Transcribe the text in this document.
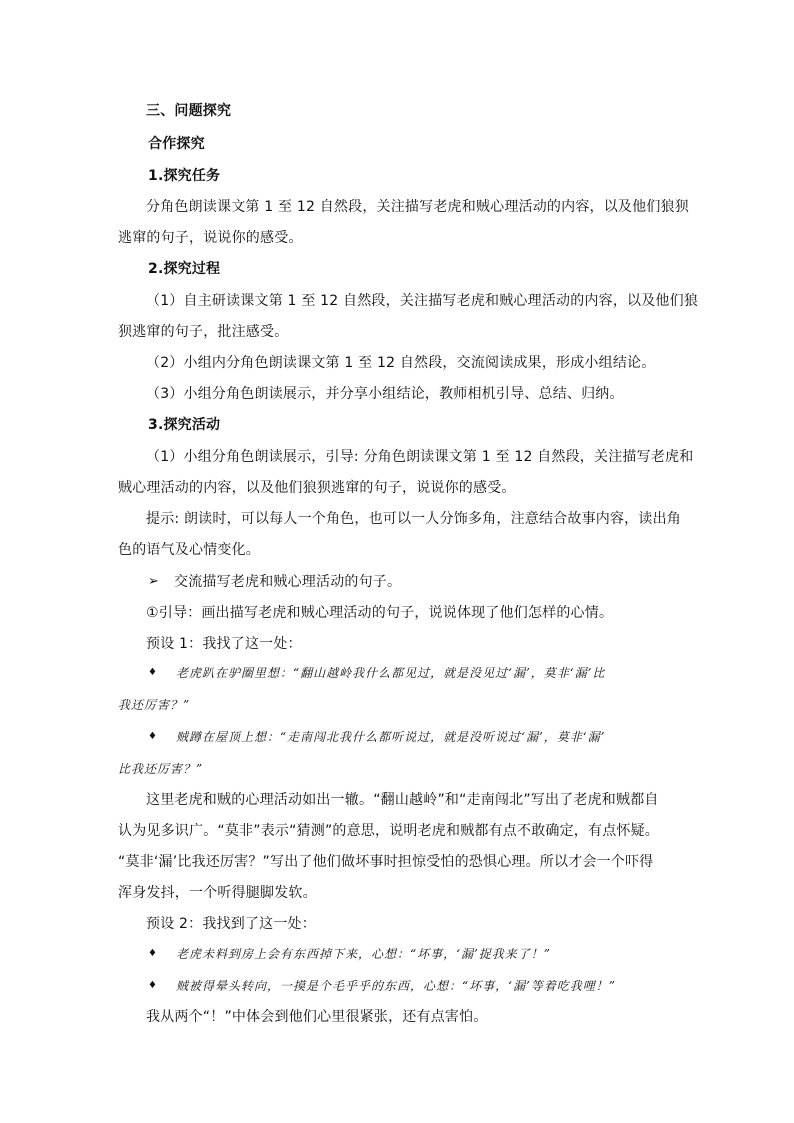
三、问题探究
合作探究
1.探究任务
分角色朗读课文第 1 至 12 自然段，关注描写老虎和贼心理活动的内容，以及他们狼狈
逃窜的句子，说说你的感受。
2.探究过程
（1）自主研读课文第 1 至 12 自然段，关注描写老虎和贼心理活动的内容，以及他们狼
狈逃窜的句子，批注感受。
（2）小组内分角色朗读课文第 1 至 12 自然段，交流阅读成果，形成小组结论。
（3）小组分角色朗读展示，并分享小组结论，教师相机引导、总结、归纳。
3.探究活动
（1）小组分角色朗读展示，引导: 分角色朗读课文第 1 至 12 自然段，关注描写老虎和
贼心理活动的内容，以及他们狼狈逃窜的句子，说说你的感受。
提示: 朗读时，可以每人一个角色，也可以一人分饰多角，注意结合故事内容，读出角
色的语气及心情变化。
➢ 交流描写老虎和贼心理活动的句子。
①引导：画出描写老虎和贼心理活动的句子，说说体现了他们怎样的心情。
预设 1：我找了这一处：
♦ 老虎趴在驴圈里想：“翻山越岭我什么都见过，就是没见过‘漏’，莫非‘漏’比
我还厉害？”
♦ 贼蹲在屋顶上想：“走南闯北我什么都听说过，就是没听说过‘漏’，莫非‘漏’
比我还厉害？”
这里老虎和贼的心理活动如出一辙。“翻山越岭”和“走南闯北”写出了老虎和贼都自
认为见多识广。“莫非”表示“猜测”的意思，说明老虎和贼都有点不敢确定，有点怀疑。
“莫非‘漏’比我还厉害？”写出了他们做坏事时担惊受怕的恐惧心理。所以才会一个吓得
浑身发抖，一个听得腿脚发软。
预设 2：我找到了这一处：
♦ 老虎未料到房上会有东西掉下来，心想：“坏事，‘漏’捉我来了！”
♦ 贼被得晕头转向，一摸是个毛乎乎的东西，心想：“坏事，‘漏’等着吃我哩！”
我从两个“！”中体会到他们心里很紧张，还有点害怕。
